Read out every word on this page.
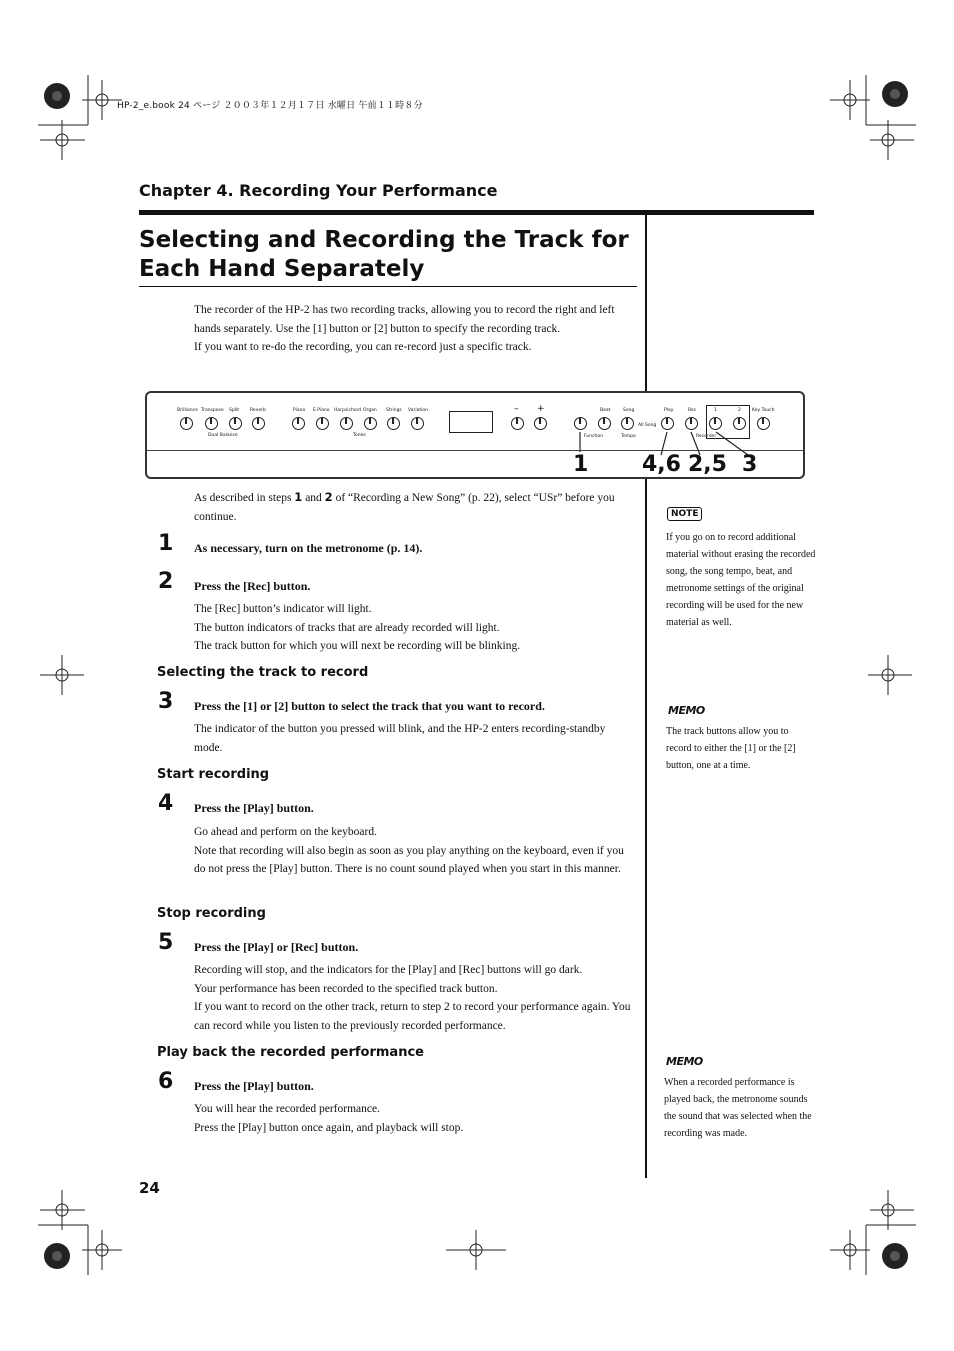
HP-2_e.book 24 ページ ２００３年１２月１７日 水曜日 午前１１時８分
Chapter 4. Recording Your Performance
Selecting and Recording the Track for Each Hand Separately
The recorder of the HP-2 has two recording tracks, allowing you to record the right and left hands separately. Use the [1] button or [2] button to specify the recording track.
If you want to re-do the recording, you can re-record just a specific track.
Brilliance Transpose Split Reverb	Piano E.Piano Harpsichord Organ Strings Variation	– +	Beat	Song	Play	Rec	1	2 Key Touch
Dual Balance	Tones	Function	Tempo
All Song
Recorder
1 4,6 2,5 3
As described in steps 1 and 2 of “Recording a New Song” (p. 22), select “USr” before you continue.
1 As necessary, turn on the metronome (p. 14).
2 Press the [Rec] button.
The [Rec] button’s indicator will light.
The button indicators of tracks that are already recorded will light.
The track button for which you will next be recording will be blinking.
Selecting the track to record
3 Press the [1] or [2] button to select the track that you want to record.
The indicator of the button you pressed will blink, and the HP-2 enters recording-standby mode.
Start recording
4 Press the [Play] button.
Go ahead and perform on the keyboard.
Note that recording will also begin as soon as you play anything on the keyboard, even if you do not press the [Play] button. There is no count sound played when you start in this manner.
Stop recording
5 Press the [Play] or [Rec] button.
Recording will stop, and the indicators for the [Play] and [Rec] buttons will go dark.
Your performance has been recorded to the specified track button.
If you want to record on the other track, return to step 2 to record your performance again. You can record while you listen to the previously recorded performance.
Play back the recorded performance
6 Press the [Play] button.
You will hear the recorded performance.
Press the [Play] button once again, and playback will stop.
NOTE
If you go on to record additional material without erasing the recorded song, the song tempo, beat, and metronome settings of the original recording will be used for the new material as well.
MEMO
The track buttons allow you to record to either the [1] or the [2] button, one at a time.
MEMO
When a recorded performance is played back, the metronome sounds the sound that was selected when the recording was made.
24
